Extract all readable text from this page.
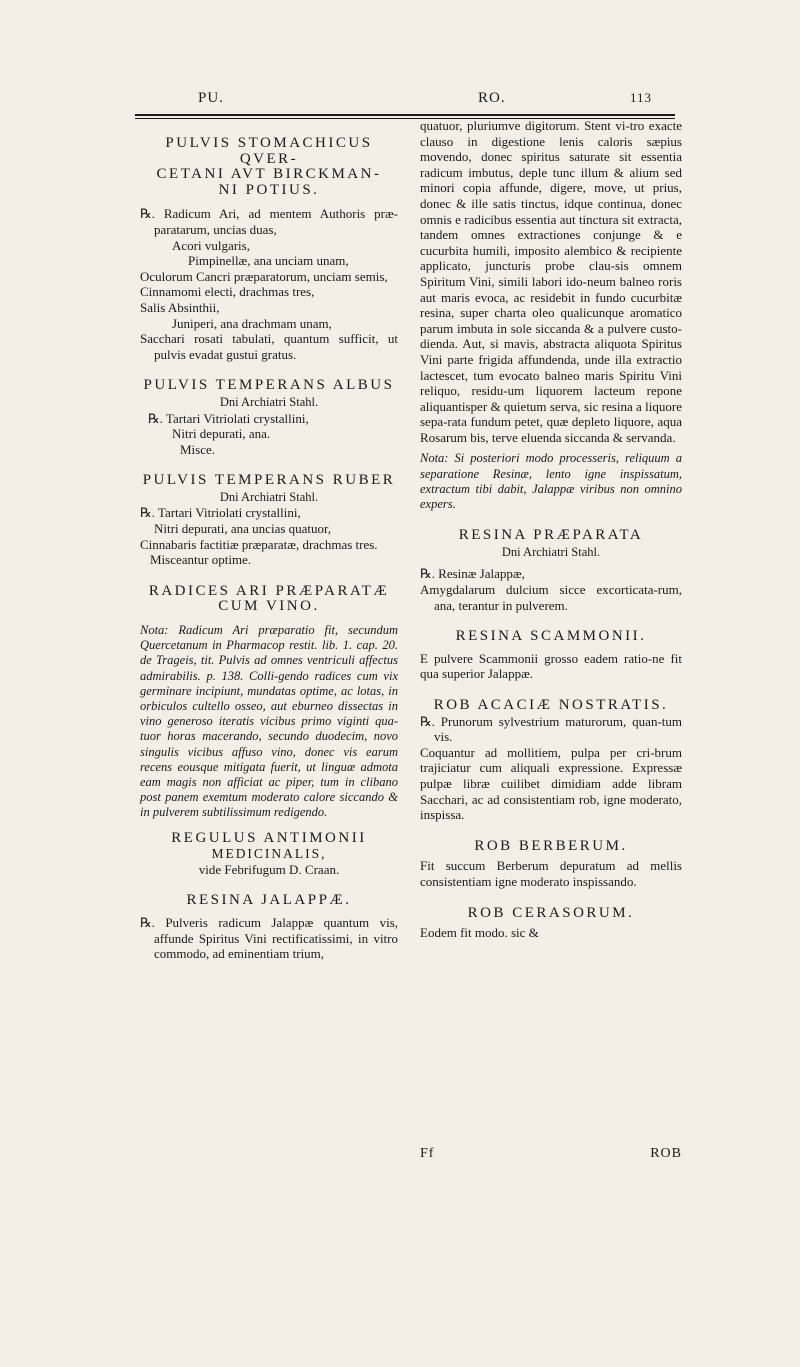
PU.	RO.	113
PULVIS STOMACHICUS QVER-
CETANI AVT BIRCKMAN-
NI POTIUS.
℞. Radicum Ari, ad mentem Authoris præ-paratarum, uncias duas,
Acori vulgaris,
Pimpinellæ, ana unciam unam,
Oculorum Cancri præparatorum, unciam semis,
Cinnamomi electi, drachmas tres,
Salis Absinthii,
Juniperi, ana drachmam unam,
Sacchari rosati tabulati, quantum sufficit, ut pulvis evadat gustui gratus.
PULVIS TEMPERANS ALBUS
Dni Archiatri Stahl.
℞. Tartari Vitriolati crystallini,
Nitri depurati, ana.
Misce.
PULVIS TEMPERANS RUBER
Dni Archiatri Stahl.
℞. Tartari Vitriolati crystallini,
Nitri depurati, ana uncias quatuor,
Cinnabaris factitiæ præparatæ, drachmas tres.
Misceantur optime.
RADICES ARI PRÆPARATÆ
CUM VINO.
Nota: Radicum Ari præparatio fit, secundum Quercetanum in Pharmacop restit. lib. 1. cap. 20. de Trageis, tit. Pulvis ad omnes ventriculi affectus admirabilis. p. 138. Colli-gendo radices cum vix germinare incipiunt, mundatas optime, ac lotas, in orbiculos cultello osseo, aut eburneo dissectas in vino generoso iteratis vicibus primo viginti qua-tuor horas macerando, secundo duodecim, novo singulis vicibus affuso vino, donec vis earum recens eousque mitigata fuerit, ut linguæ admota eam magis non afficiat ac piper, tum in clibano post panem exemtum moderato calore siccando & in pulverem subtilissimum redigendo.
REGULUS ANTIMONII
MEDICINALIS,
vide Febrifugum D. Craan.
RESINA JALAPPÆ.
℞. Pulveris radicum Jalappæ quantum vis, affunde Spiritus Vini rectificatissimi, in vitro commodo, ad eminentiam trium,
quatuor, pluriumve digitorum. Stent vi-tro exacte clauso in digestione lenis caloris sæpius movendo, donec spiritus saturate sit essentia radicum imbutus, deple tunc illum & alium sed minori copia affunde, digere, move, ut prius, donec & ille satis tinctus, idque continua, donec omnis e radicibus essentia aut tinctura sit extracta, tandem omnes extractiones conjunge & e cucurbita humili, imposito alembico & recipiente applicato, juncturis probe clau-sis omnem Spiritum Vini, simili labori ido-neum balneo roris aut maris evoca, ac residebit in fundo cucurbitæ resina, super charta oleo qualicunque aromatico parum imbuta in sole siccanda & a pulvere custo-dienda. Aut, si mavis, abstracta aliquota Spiritus Vini parte frigida affundenda, unde illa extractio lactescet, tum evocato balneo maris Spiritu Vini reliquo, residu-um liquorem lacteum repone aliquantisper & quietum serva, sic resina a liquore sepa-rata fundum petet, quæ depleto liquore, aqua Rosarum bis, terve eluenda siccanda & servanda.
Nota: Si posteriori modo processeris, reliquum a separatione Resinæ, lento igne inspissatum, extractum tibi dabit, Jalappæ viribus non omnino expers.
RESINA PRÆPARATA
Dni Archiatri Stahl.
℞. Resinæ Jalappæ,
Amygdalarum dulcium sicce excorticata-rum, ana, terantur in pulverem.
RESINA SCAMMONII.
E pulvere Scammonii grosso eadem ratio-ne fit qua superior Jalappæ.
ROB ACACIÆ NOSTRATIS.
℞. Prunorum sylvestrium maturorum, quan-tum vis.
Coquantur ad mollitiem, pulpa per cri-brum trajiciatur cum aliquali expressione. Expressæ pulpæ libræ cuilibet dimidiam adde libram Sacchari, ac ad consistentiam rob, igne moderato, inspissa.
ROB BERBERUM.
Fit succum Berberum depuratum ad mellis consistentiam igne moderato inspissando.
ROB CERASORUM.
Eodem fit modo. sic &
Ff	ROB
